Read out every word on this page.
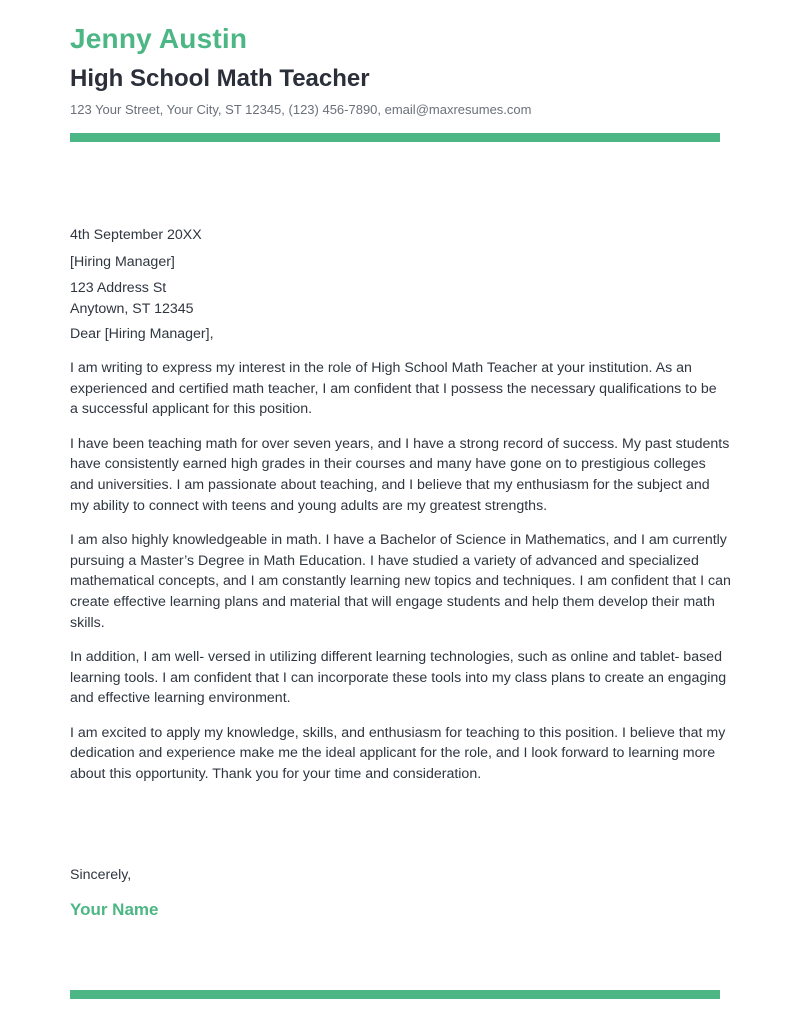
Jenny Austin
High School Math Teacher
123 Your Street, Your City, ST 12345, (123) 456-7890, email@maxresumes.com
4th September 20XX
[Hiring Manager]
123 Address St
Anytown, ST 12345
Dear [Hiring Manager],

I am writing to express my interest in the role of High School Math Teacher at your institution. As an
experienced and certified math teacher, I am confident that I possess the necessary qualifications to be
a successful applicant for this position.

I have been teaching math for over seven years, and I have a strong record of success. My past students
have consistently earned high grades in their courses and many have gone on to prestigious colleges
and universities. I am passionate about teaching, and I believe that my enthusiasm for the subject and
my ability to connect with teens and young adults are my greatest strengths.

I am also highly knowledgeable in math. I have a Bachelor of Science in Mathematics, and I am currently
pursuing a Master’s Degree in Math Education. I have studied a variety of advanced and specialized
mathematical concepts, and I am constantly learning new topics and techniques. I am confident that I can
create effective learning plans and material that will engage students and help them develop their math
skills.

In addition, I am well- versed in utilizing different learning technologies, such as online and tablet- based
learning tools. I am confident that I can incorporate these tools into my class plans to create an engaging
and effective learning environment.

I am excited to apply my knowledge, skills, and enthusiasm for teaching to this position. I believe that my
dedication and experience make me the ideal applicant for the role, and I look forward to learning more
about this opportunity. Thank you for your time and consideration.

Sincerely,
Your Name
